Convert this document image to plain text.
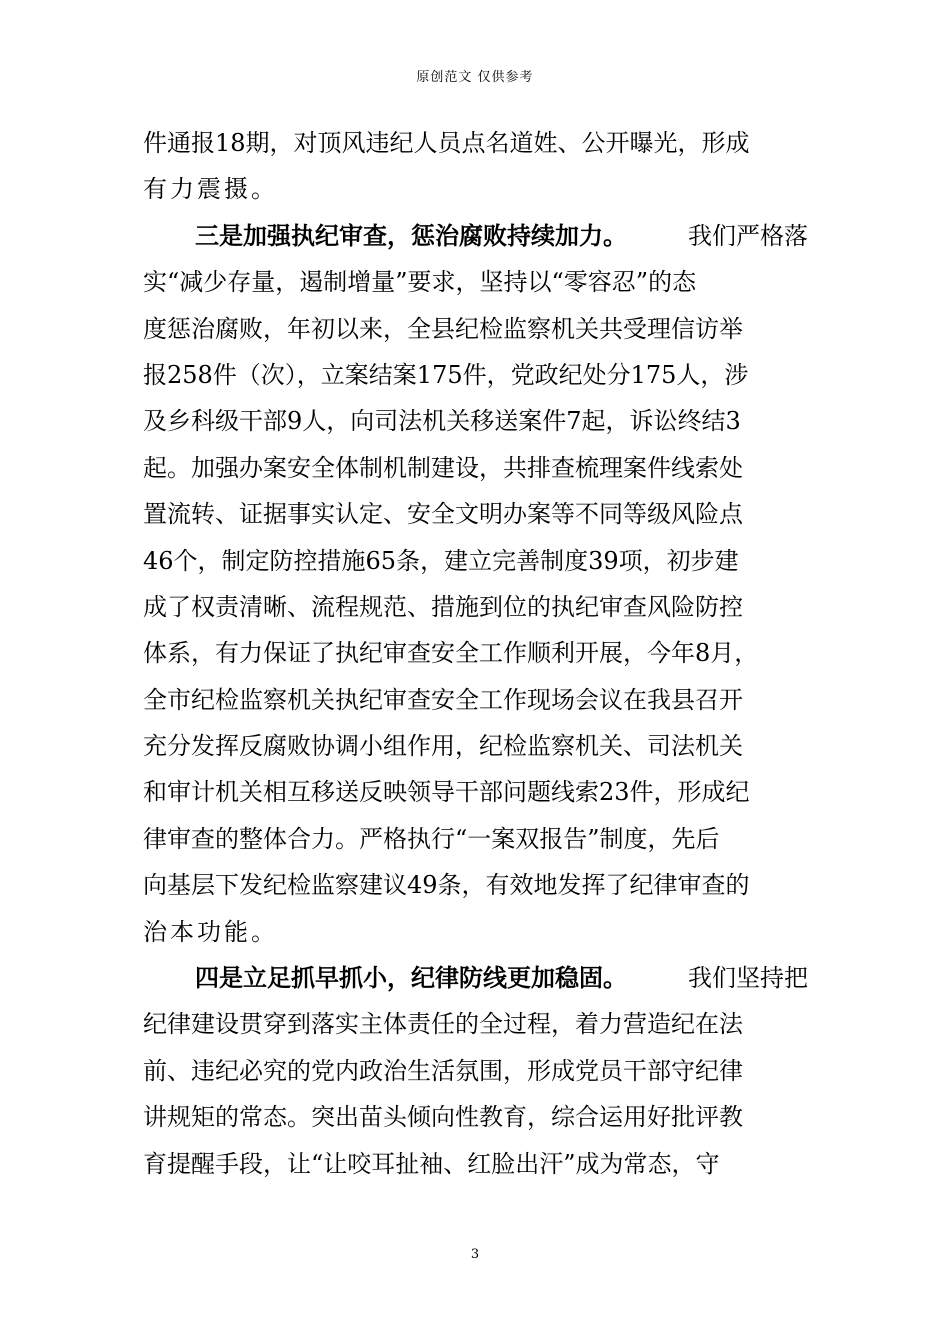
原创范文 仅供参考
件通报18期，对顶风违纪人员点名道姓、公开曝光，形成
有力震摄。
三是加强执纪审查，惩治腐败持续加力。	我们严格落
实“减少存量，遏制增量”要求，坚持以“零容忍”的态
度惩治腐败，年初以来，全县纪检监察机关共受理信访举
报258件（次），立案结案175件，党政纪处分175人，涉
及乡科级干部9人，向司法机关移送案件7起，诉讼终结3
起。加强办案安全体制机制建设，共排查梳理案件线索处
置流转、证据事实认定、安全文明办案等不同等级风险点
46个，制定防控措施65条，建立完善制度39项，初步建
成了权责清晰、流程规范、措施到位的执纪审查风险防控
体系，有力保证了执纪审查安全工作顺利开展，今年8月，
全市纪检监察机关执纪审查安全工作现场会议在我县召开
充分发挥反腐败协调小组作用，纪检监察机关、司法机关
和审计机关相互移送反映领导干部问题线索23件，形成纪
律审查的整体合力。严格执行“一案双报告”制度，先后
向基层下发纪检监察建议49条，有效地发挥了纪律审查的
治本功能。
四是立足抓早抓小，纪律防线更加稳固。	我们坚持把
纪律建设贯穿到落实主体责任的全过程，着力营造纪在法
前、违纪必究的党内政治生活氛围，形成党员干部守纪律
讲规矩的常态。突出苗头倾向性教育，综合运用好批评教
育提醒手段，让“让咬耳扯袖、红脸出汗”成为常态，守
3
